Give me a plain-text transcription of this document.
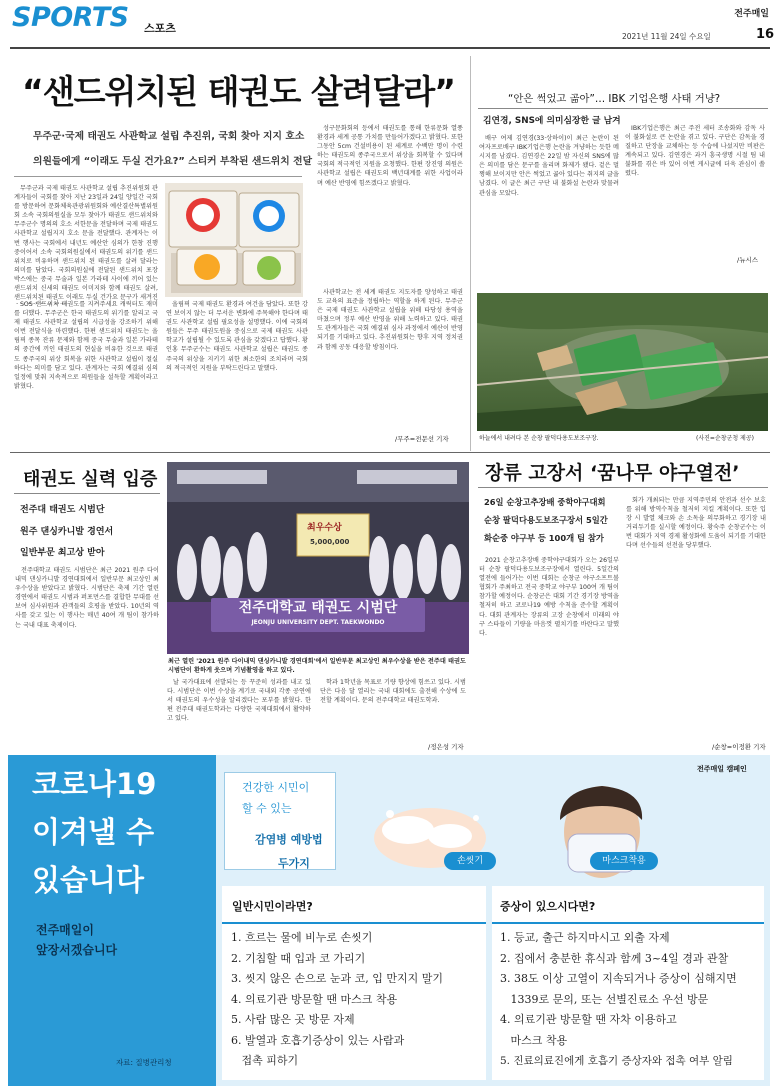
SPORTS 스포츠
전주매일
2021년 11월 24일 수요일	16
“샌드위치된 태권도 살려달라”
무주군·국제 태권도 사관학교 설립 추진위, 국회 찾아 지지 호소
의원들에게 “이래도 두실 건가요?” 스티커 부착된 샌드위치 전달

무주군과 국제 태권도 사관학교 설립 추진위원회 관계자들이 국회를 찾아 지난 23일과 24일 양일간 국회를 방문하여 문화체육관광위원회와 예산결산특별위원회 소속 국회의원실을 모두 찾아가 태권도 샌드위치와 무주군수 명의의 호소 서한문을 전달하며 국제 태권도 사관학교 설립지지 호소 문을 전달했다. 관계자는 이번 행사는 국회에서 내년도 예산안 심의가 한창 진행 중이어서 소속 국회의원실에서 태권도의 위기를 샌드위치로 비유하며 샌드위치 된 태권도를 살려 달라는 의미를 담았다. 국회의원실에 전달된 샌드위치 포장 박스에는 중국 무술과 일본 가라테 사이에 끼어 있는 샌드위치 신세의 태권도 이미지와 함께 태권도 살려, 샌드위치된 태권도 이래도 두실 건가요 문구가 새겨진

SOS 샌드위치 태권도를 지켜주세요 캐릭터도 재미를 더했다. 무주군은 한국 태권도의 위기를 알리고 국제 태권도 사관학교 설립의 시급성을 강조하기 위해 이번 전달식을 마련했다. 한편 샌드위치 태권도는 올림픽 종목 잔류 문제와 함께 중국 무술과 일본 가라테의 중간에 끼인 태권도의 현실을 비유한 것으로 태권도 종주국의 위상 회복을 위한 사관학교 설립이 절실하다는 의미를 담고 있다. 관계자는 국회 예결위 심의 일정에 맞춰 지속적으로 의원들을 설득할 계획이라고 밝혔다.

올림픽 국제 태권도 환경과 여건을 담았다. 또한 강연 보이지 않는 더 무서운 변화에 주목해야 한다며 태권도 사관학교 설립 필요성을 설명했다. 이에 국회의원들은 무주 태권도원을 중심으로 국제 태권도 사관학교가 설립될 수 있도록 관심을 갖겠다고 답했다. 황인홍 무주군수는 태권도 사관학교 설립은 태권도 종주국의 위상을 지키기 위한 최소한의 조치라며 국회의 적극적인 지원을 부탁드린다고 말했다.

성구문화회의 등에서 태권도를 통해 한류문화 열풍 환경과 세계 공통 가치를 만들어가겠다고 밝혔다. 또한 그동안 5cm 건설비용이 된 세계로 수백만 명이 수련하는 태권도의 종주국으로서 위상을 회복할 수 있다며 국회의 적극적인 지원을 요청했다. 한편 장진영 의원은 사관학교 설립은 태권도의 백년대계를 위한 사업이라며 예산 반영에 힘쓰겠다고 밝혔다.

사관학교는 전 세계 태권도 지도자를 양성하고 태권도 교육의 표준을 정립하는 역할을 하게 된다. 무주군은 국제 태권도 사관학교 설립을 위해 타당성 용역을 마쳤으며 정부 예산 반영을 위해 노력하고 있다. 태권도 관계자들은 국회 예결위 심사 과정에서 예산이 반영되기를 기대하고 있다. 추진위원회는 향후 지역 정치권과 함께 공동 대응할 방침이다.

/무주=전문선 기자
“안은 썩었고 곪아”… IBK 기업은행 사태 거냥?
김연경, SNS에 의미심장한 글 남겨

배구 여제 김연경(33·상하이)이 최근 논란이 된 여자프로배구 IBK기업은행 논란을 겨냥하는 듯한 메시지를 남겼다. 김연경은 22일 밤 자신의 SNS에 많은 의미를 담은 문구를 올리며 화제가 됐다. 겉은 멀쩡해 보이지만 안은 썩었고 곪아 있다는 취지의 글을 남겼다. 이 글은 최근 구단 내 불화설 논란과 맞물려 관심을 모았다.

IBK기업은행은 최근 주전 세터 조송화와 감독 사이 불화설로 큰 논란을 겪고 있다. 구단은 감독을 경질하고 단장을 교체하는 등 수습에 나섰지만 비판은 계속되고 있다. 김연경은 과거 흥국생명 시절 팀 내 불화를 겪은 바 있어 이번 게시글에 더욱 관심이 쏠렸다.

/뉴시스
하늘에서 내려다 본 순창 팔덕다용도보조구장.	(사진=순창군청 제공)
태권도 실력 입증
전주대 태권도 시범단
원주 댄싱카니발 경연서
일반부문 최고상 받아

전주대학교 태권도 시범단은 최근 2021 원주 다이내믹 댄싱카니발 경연대회에서 일반부문 최고상인 최우수상을 받았다고 밝혔다. 시범단은 축제 기간 열린 경연에서 태권도 시범과 퍼포먼스를 결합한 무대를 선보여 심사위원과 관객들의 호평을 받았다. 10년의 역사를 갖고 있는 이 행사는 매년 40여 개 팀이 참가하는 국내 대표 축제이다.

최우수상
5,000,000
전주대학교 태권도 시범단
JEONJU UNIVERSITY DEPT. TAEKWONDO
최근 열린 '2021 원주 다이내믹 댄싱카니발 경연대회'에서 일반부문 최고상인 최우수상을 받은 전주대 태권도 시범단이 환하게 웃으며 기념촬영을 하고 있다.

날 국가대표에 선발되는 등 꾸준히 성과를 내고 있다. 시범단은 이번 수상을 계기로 국내외 각종 공연에서 태권도의 우수성을 알리겠다는 포부를 밝혔다. 한편 전주대 태권도학과는 다양한 국제대회에서 활약하고 있다.

학과 1학년을 목표로 기량 향상에 힘쓰고 있다. 시범단은 다음 달 열리는 국내 대회에도 출전해 수상에 도전할 계획이다. 문의 전주대학교 태권도학과.

/정은성 기자
장류 고장서 ‘꿈나무 야구열전’
26일 순창고추장배 중학야구대회
순창 팔덕다용도보조구장서 5일간
화순중 야구부 등 100개 팀 참가

2021 순창고추장배 중학야구대회가 오는 26일부터 순창 팔덕다용도보조구장에서 열린다. 5일간의 열전에 들어가는 이번 대회는 순창군 야구소프트볼협회가 주최하고 전국 중학교 야구부 100여 개 팀이 참가할 예정이다. 순창군은 대회 기간 경기장 방역을 철저히 하고 코로나19 예방 수칙을 준수할 계획이다. 대회 관계자는 장류의 고장 순창에서 미래의 야구 스타들이 기량을 마음껏 펼치기를 바란다고 말했다.

회가 개최되는 만큼 지역주민의 안전과 선수 보호를 위해 방역수칙을 철저히 지킬 계획이다. 또한 입장 시 발열 체크와 손 소독을 의무화하고 경기장 내 거리두기를 실시할 예정이다. 황숙주 순창군수는 이번 대회가 지역 경제 활성화에 도움이 되기를 기대한다며 선수들의 선전을 당부했다.

/순창=이정환 기자
코로나19
이겨낼 수
있습니다
전주매일이
앞장서겠습니다
자료: 질병관리청
전주매일 캠페인
건강한 시민이
할 수 있는
감염병 예방법
두가지	손씻기	마스크착용
일반시민이라면?
1. 흐르는 물에 비누로 손씻기
2. 기침할 때 입과 코 가리기
3. 씻지 않은 손으로 눈과 코, 입 만지지 말기
4. 의료기관 방문할 땐 마스크 착용
5. 사람 많은 곳 방문 자제
6. 발열과 호흡기증상이 있는 사람과
접촉 피하기
증상이 있으시다면?
1. 등교, 출근 하지마시고 외출 자제
2. 집에서 충분한 휴식과 함께 3~4일 경과 관찰
3. 38도 이상 고열이 지속되거나 증상이 심해지면
1339로 문의, 또는 선별진료소 우선 방문
4. 의료기관 방문할 땐 자차 이용하고
마스크 착용
5. 진료의료진에게 호흡기 증상자와 접촉 여부 알림
